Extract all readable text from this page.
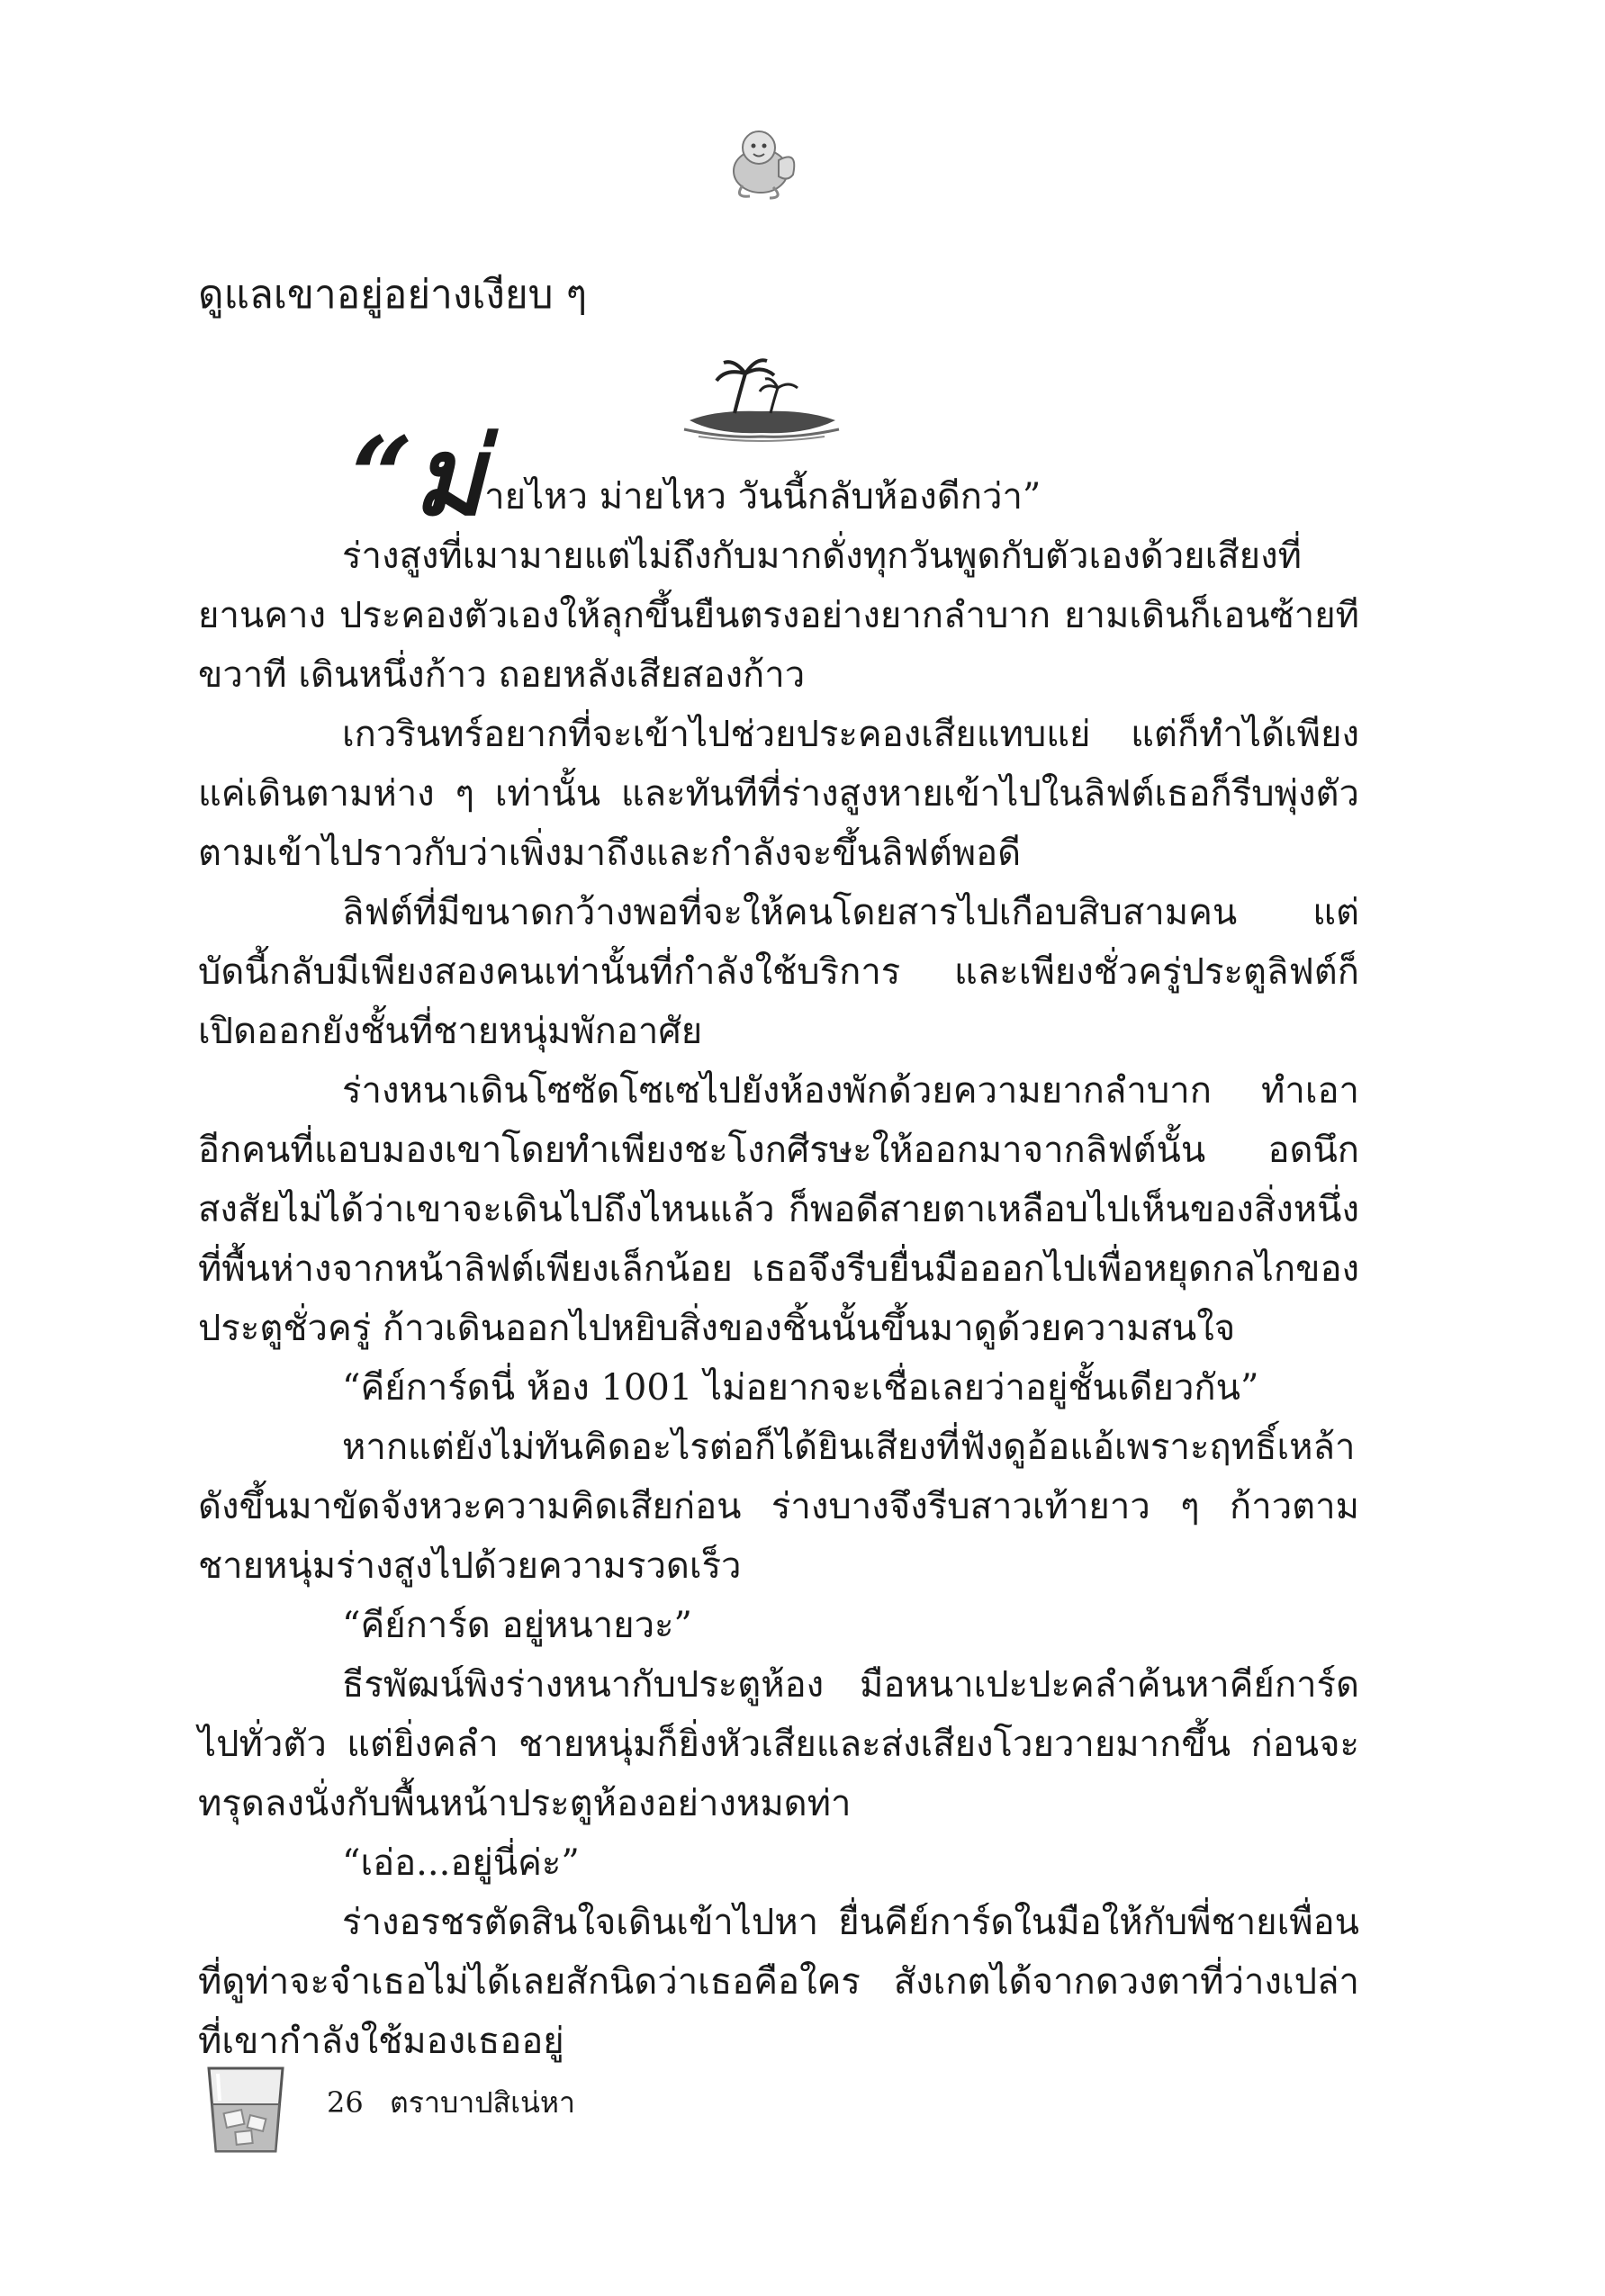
ดูแลเขาอยู่อย่างเงียบ ๆ

“ม่ายไหว ม่ายไหว วันนี้กลับห้องดีกว่า”

ร่างสูงที่เมามายแต่ไม่ถึงกับมากดั่งทุกวันพูดกับตัวเองด้วยเสียงที่ยานคาง ประคองตัวเองให้ลุกขึ้นยืนตรงอย่างยากลำบาก ยามเดินก็เอนซ้ายที ขวาที เดินหนึ่งก้าว ถอยหลังเสียสองก้าว

เกวรินทร์อยากที่จะเข้าไปช่วยประคองเสียแทบแย่ แต่ก็ทำได้เพียงแค่เดินตามห่าง ๆ เท่านั้น และทันทีที่ร่างสูงหายเข้าไปในลิฟต์เธอก็รีบพุ่งตัวตามเข้าไปราวกับว่าเพิ่งมาถึงและกำลังจะขึ้นลิฟต์พอดี

ลิฟต์ที่มีขนาดกว้างพอที่จะให้คนโดยสารไปเกือบสิบสามคน แต่บัดนี้กลับมีเพียงสองคนเท่านั้นที่กำลังใช้บริการ และเพียงชั่วครู่ประตูลิฟต์ก็เปิดออกยังชั้นที่ชายหนุ่มพักอาศัย

ร่างหนาเดินโซซัดโซเซไปยังห้องพักด้วยความยากลำบาก ทำเอาอีกคนที่แอบมองเขาโดยทำเพียงชะโงกศีรษะให้ออกมาจากลิฟต์นั้น อดนึกสงสัยไม่ได้ว่าเขาจะเดินไปถึงไหนแล้ว ก็พอดีสายตาเหลือบไปเห็นของสิ่งหนึ่งที่พื้นห่างจากหน้าลิฟต์เพียงเล็กน้อย เธอจึงรีบยื่นมือออกไปเพื่อหยุดกลไกของประตูชั่วครู่ ก้าวเดินออกไปหยิบสิ่งของชิ้นนั้นขึ้นมาดูด้วยความสนใจ

“คีย์การ์ดนี่ ห้อง 1001 ไม่อยากจะเชื่อเลยว่าอยู่ชั้นเดียวกัน”

หากแต่ยังไม่ทันคิดอะไรต่อก็ได้ยินเสียงที่ฟังดูอ้อแอ้เพราะฤทธิ์เหล้าดังขึ้นมาขัดจังหวะความคิดเสียก่อน ร่างบางจึงรีบสาวเท้ายาว ๆ ก้าวตามชายหนุ่มร่างสูงไปด้วยความรวดเร็ว

“คีย์การ์ด อยู่หนายวะ”

ธีรพัฒน์พิงร่างหนากับประตูห้อง มือหนาเปะปะคลำค้นหาคีย์การ์ดไปทั่วตัว แต่ยิ่งคลำ ชายหนุ่มก็ยิ่งหัวเสียและส่งเสียงโวยวายมากขึ้น ก่อนจะทรุดลงนั่งกับพื้นหน้าประตูห้องอย่างหมดท่า

“เอ่อ...อยู่นี่ค่ะ”

ร่างอรชรตัดสินใจเดินเข้าไปหา ยื่นคีย์การ์ดในมือให้กับพี่ชายเพื่อนที่ดูท่าจะจำเธอไม่ได้เลยสักนิดว่าเธอคือใคร สังเกตได้จากดวงตาที่ว่างเปล่าที่เขากำลังใช้มองเธออยู่

26 ตราบาปสิเน่หา
